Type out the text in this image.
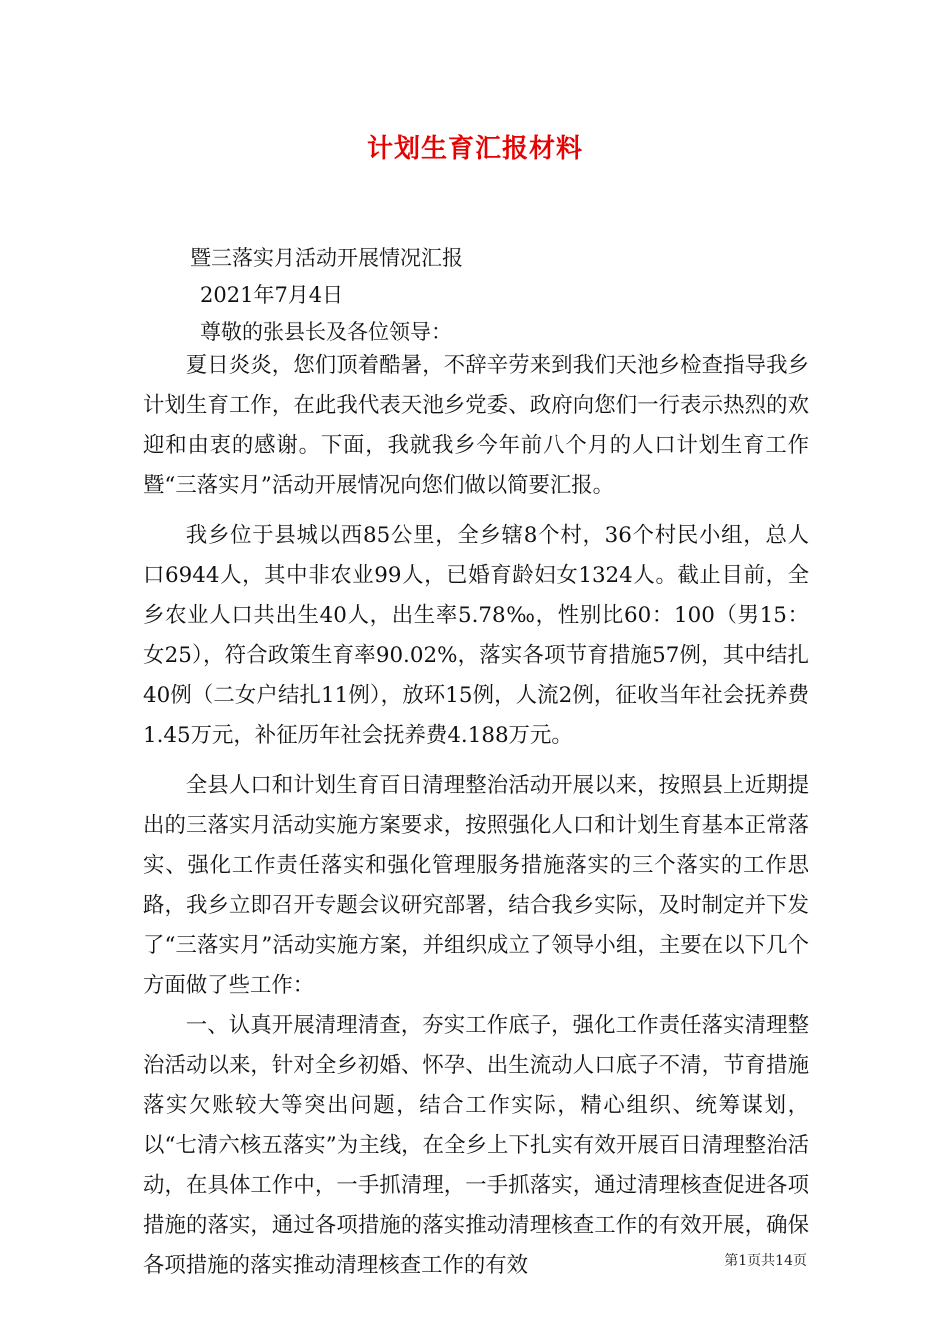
计划生育汇报材料
暨三落实月活动开展情况汇报
2021年7月4日
尊敬的张县长及各位领导：

夏日炎炎，您们顶着酷暑，不辞辛劳来到我们天池乡检查指导我乡计划生育工作，在此我代表天池乡党委、政府向您们一行表示热烈的欢迎和由衷的感谢。下面，我就我乡今年前八个月的人口计划生育工作暨“三落实月”活动开展情况向您们做以简要汇报。

我乡位于县城以西85公里，全乡辖8个村，36个村民小组，总人口6944人，其中非农业99人，已婚育龄妇女1324人。截止目前，全乡农业人口共出生40人，出生率5.78‰，性别比60：100（男15：女25），符合政策生育率90.02%，落实各项节育措施57例，其中结扎40例（二女户结扎11例），放环15例，人流2例，征收当年社会抚养费1.45万元，补征历年社会抚养费4.188万元。

全县人口和计划生育百日清理整治活动开展以来，按照县上近期提出的三落实月活动实施方案要求，按照强化人口和计划生育基本正常落实、强化工作责任落实和强化管理服务措施落实的三个落实的工作思路，我乡立即召开专题会议研究部署，结合我乡实际，及时制定并下发了“三落实月”活动实施方案，并组织成立了领导小组，主要在以下几个方面做了些工作：

一、认真开展清理清查，夯实工作底子，强化工作责任落实清理整治活动以来，针对全乡初婚、怀孕、出生流动人口底子不清，节育措施落实欠账较大等突出问题，结合工作实际，精心组织、统筹谋划，以“七清六核五落实”为主线，在全乡上下扎实有效开展百日清理整治活动，在具体工作中，一手抓清理，一手抓落实，通过清理核查促进各项措施的落实，通过各项措施的落实推动清理核查工作的有效开展，确保各项措施的落实推动清理核查工作的有效	第1页共14页
